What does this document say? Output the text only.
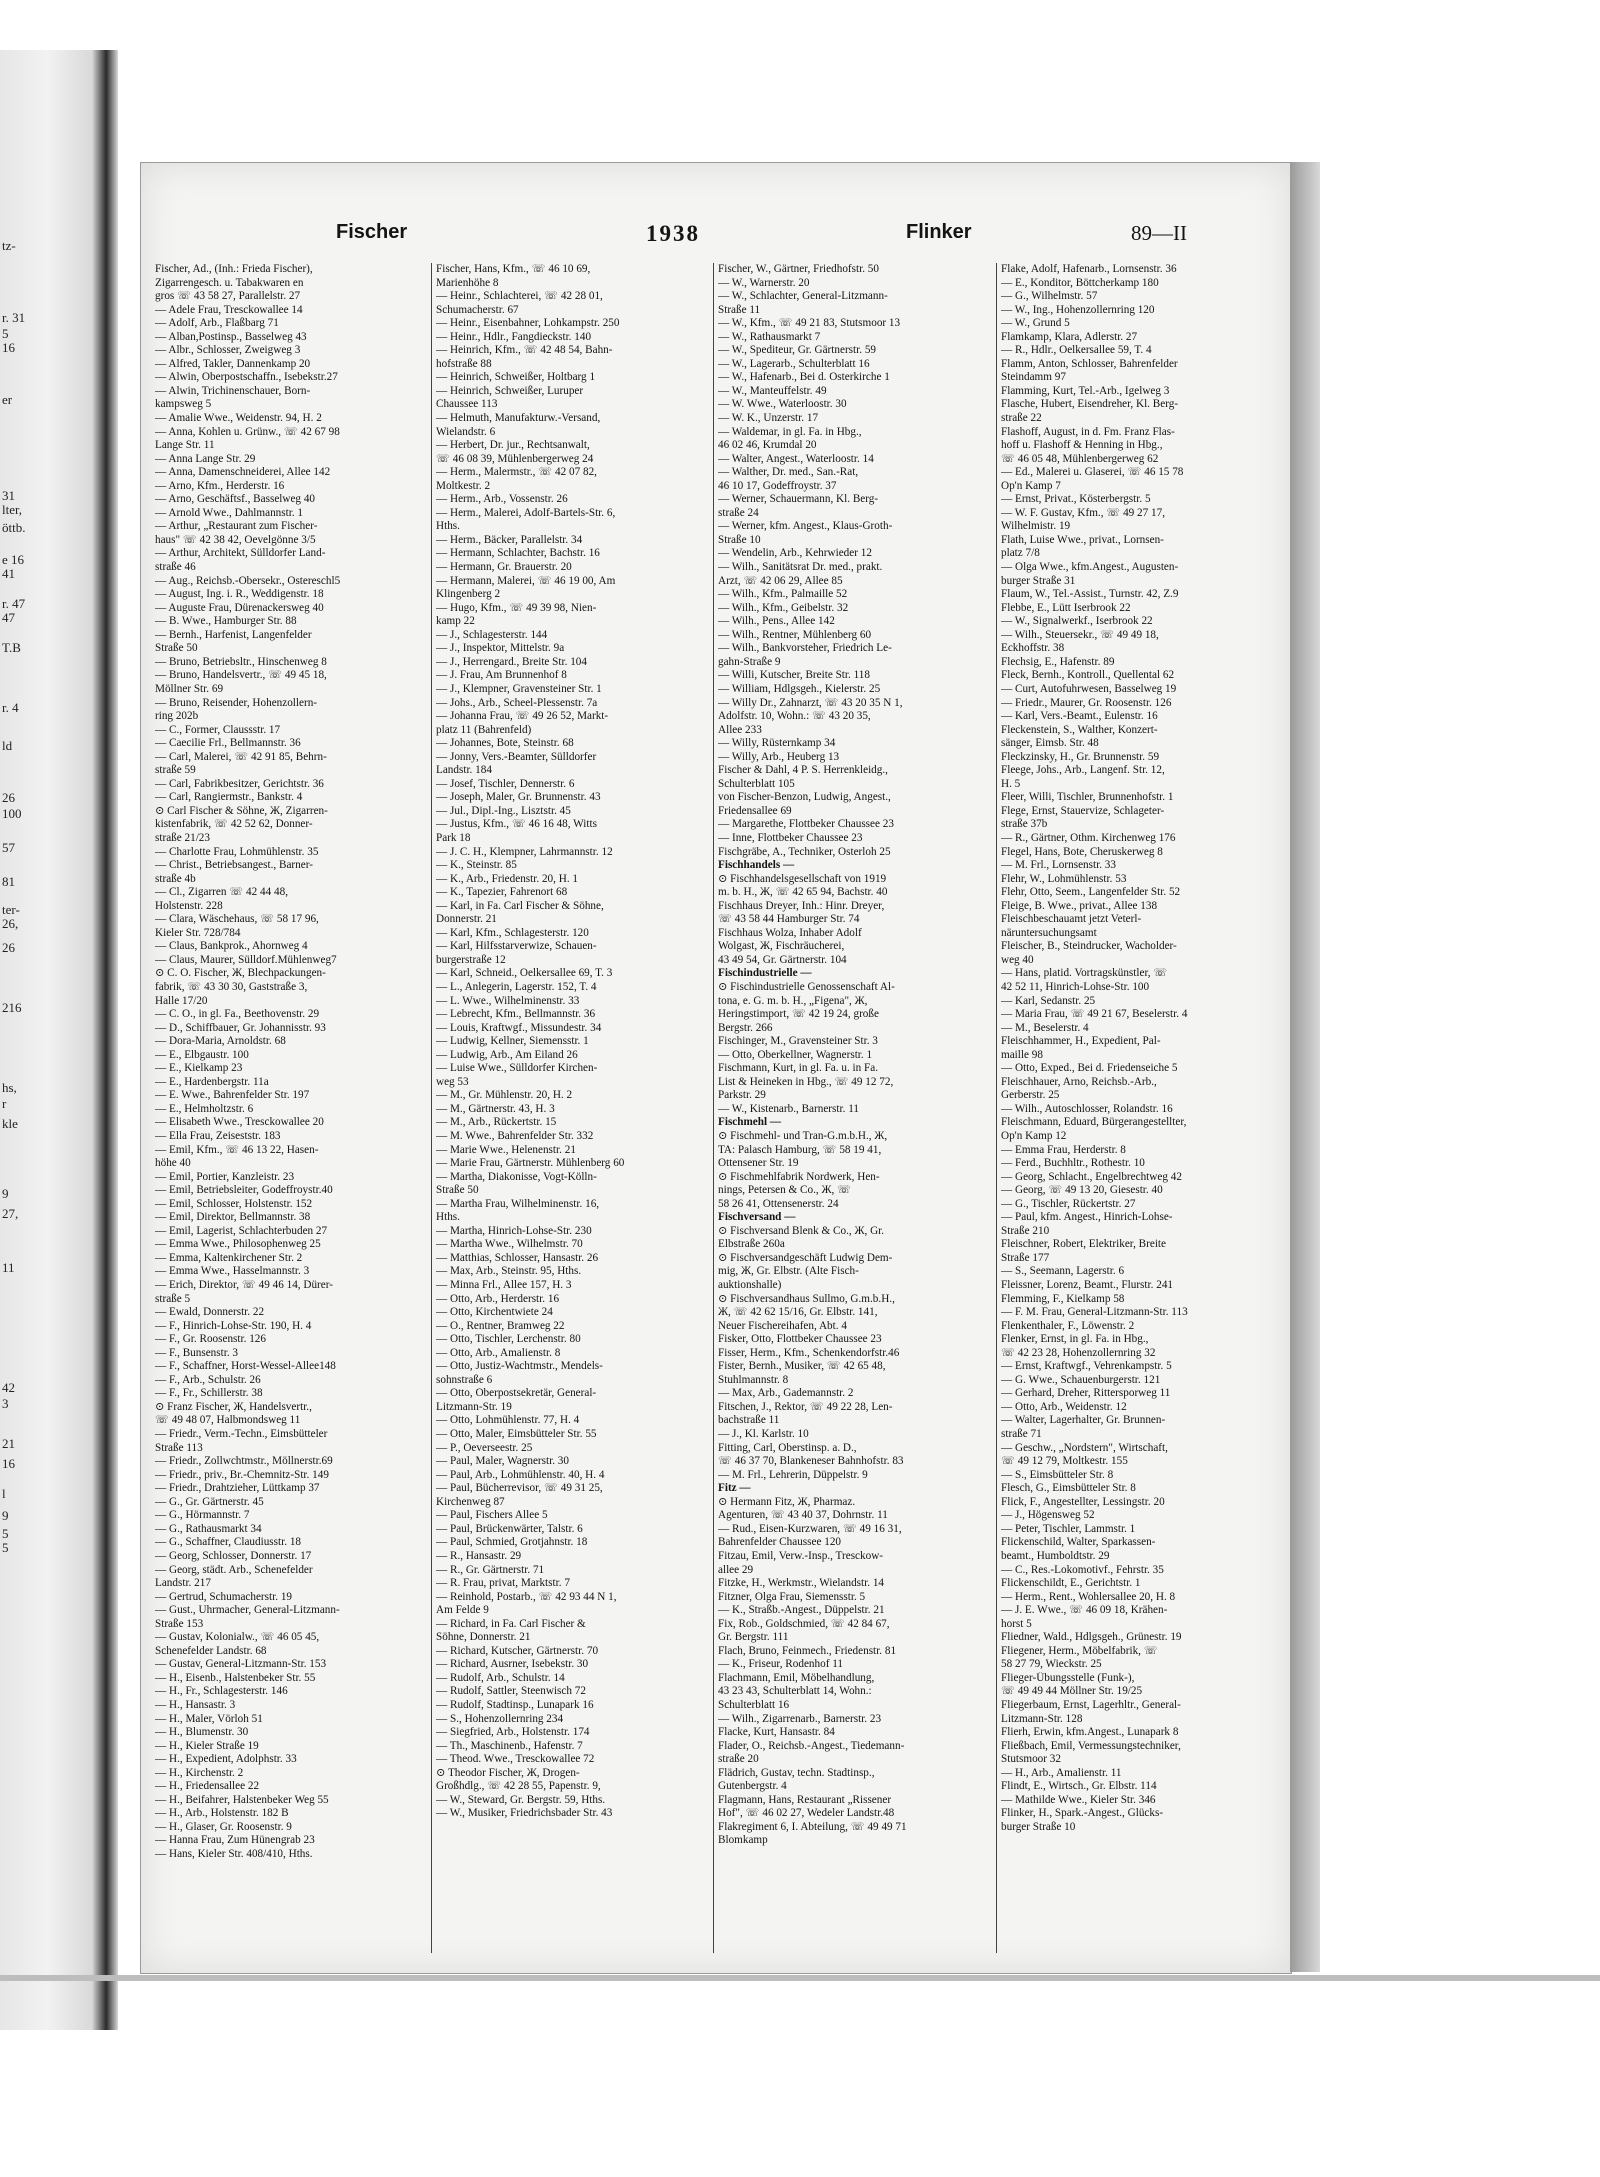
tz-
r. 31
5
16
er
31
lter,
öttb.
e 16
41
r. 47
47
T.B
r. 4
ld
26
100
57
81
ter-
26,
26
216
hs,
r
kle
9
27,
11
42
3
21
16
l
9
5
5
Fischer	1938	Flinker	89—II
Fischer, Ad., (Inh.: Frieda Fischer),
Zigarrengesch. u. Tabakwaren en
gros ☏ 43 58 27, Parallelstr. 27
— Adele Frau, Tresckowallee 14
— Adolf, Arb., Flaßbarg 71
— Alban,Postinsp., Basselweg 43
— Albr., Schlosser, Zweigweg 3
— Alfred, Takler, Dannenkamp 20
— Alwin, Oberpostschaffn., Isebekstr.27
— Alwin, Trichinenschauer, Born-
kampsweg 5
— Amalie Wwe., Weidenstr. 94, H. 2
— Anna, Kohlen u. Grünw., ☏ 42 67 98
Lange Str. 11
— Anna Lange Str. 29
— Anna, Damenschneiderei, Allee 142
— Arno, Kfm., Herderstr. 16
— Arno, Geschäftsf., Basselweg 40
— Arnold Wwe., Dahlmannstr. 1
— Arthur, „Restaurant zum Fischer-
haus" ☏ 42 38 42, Oevelgönne 3/5
— Arthur, Architekt, Sülldorfer Land-
straße 46
— Aug., Reichsb.-Obersekr., Ostereschl5
— August, Ing. i. R., Weddigenstr. 18
— Auguste Frau, Dürenackersweg 40
— B. Wwe., Hamburger Str. 88
— Bernh., Harfenist, Langenfelder
Straße 50
— Bruno, Betriebsltr., Hinschenweg 8
— Bruno, Handelsvertr., ☏ 49 45 18,
Möllner Str. 69
— Bruno, Reisender, Hohenzollern-
ring 202b
— C., Former, Claussstr. 17
— Caecilie Frl., Bellmannstr. 36
— Carl, Malerei, ☏ 42 91 85, Behrn-
straße 59
— Carl, Fabrikbesitzer, Gerichtstr. 36
— Carl, Rangiermstr., Bankstr. 4
⊙ Carl Fischer & Söhne, Ж, Zigarren-
kistenfabrik, ☏ 42 52 62, Donner-
straße 21/23
— Charlotte Frau, Lohmühlenstr. 35
— Christ., Betriebsangest., Barner-
straße 4b
— Cl., Zigarren ☏ 42 44 48,
Holstenstr. 228
— Clara, Wäschehaus, ☏ 58 17 96,
Kieler Str. 728/784
— Claus, Bankprok., Ahornweg 4
— Claus, Maurer, Sülldorf.Mühlenweg7
⊙ C. O. Fischer, Ж, Blechpackungen-
fabrik, ☏ 43 30 30, Gaststraße 3,
Halle 17/20
— C. O., in gl. Fa., Beethovenstr. 29
— D., Schiffbauer, Gr. Johannisstr. 93
— Dora-Maria, Arnoldstr. 68
— E., Elbgaustr. 100
— E., Kielkamp 23
— E., Hardenbergstr. 11a
— E. Wwe., Bahrenfelder Str. 197
— E., Helmholtzstr. 6
— Elisabeth Wwe., Tresckowallee 20
— Ella Frau, Zeiseststr. 183
— Emil, Kfm., ☏ 46 13 22, Hasen-
höhe 40
— Emil, Portier, Kanzleistr. 23
— Emil, Betriebsleiter, Godeffroystr.40
— Emil, Schlosser, Holstenstr. 152
— Emil, Direktor, Bellmannstr. 38
— Emil, Lagerist, Schlachterbuden 27
— Emma Wwe., Philosophenweg 25
— Emma, Kaltenkirchener Str. 2
— Emma Wwe., Hasselmannstr. 3
— Erich, Direktor, ☏ 49 46 14, Dürer-
straße 5
— Ewald, Donnerstr. 22
— F., Hinrich-Lohse-Str. 190, H. 4
— F., Gr. Roosenstr. 126
— F., Bunsenstr. 3
— F., Schaffner, Horst-Wessel-Allee148
— F., Arb., Schulstr. 26
— F., Fr., Schillerstr. 38
⊙ Franz Fischer, Ж, Handelsvertr.,
☏ 49 48 07, Halbmondsweg 11
— Friedr., Verm.-Techn., Eimsbütteler
Straße 113
— Friedr., Zollwchtmstr., Möllnerstr.69
— Friedr., priv., Br.-Chemnitz-Str. 149
— Friedr., Drahtzieher, Lüttkamp 37
— G., Gr. Gärtnerstr. 45
— G., Hörmannstr. 7
— G., Rathausmarkt 34
— G., Schaffner, Claudiusstr. 18
— Georg, Schlosser, Donnerstr. 17
— Georg, städt. Arb., Schenefelder
Landstr. 217
— Gertrud, Schumacherstr. 19
— Gust., Uhrmacher, General-Litzmann-
Straße 153
— Gustav, Kolonialw., ☏ 46 05 45,
Schenefelder Landstr. 68
— Gustav, General-Litzmann-Str. 153
— H., Eisenb., Halstenbeker Str. 55
— H., Fr., Schlagesterstr. 146
— H., Hansastr. 3
— H., Maler, Vörloh 51
— H., Blumenstr. 30
— H., Kieler Straße 19
— H., Expedient, Adolphstr. 33
— H., Kirchenstr. 2
— H., Friedensallee 22
— H., Beifahrer, Halstenbeker Weg 55
— H., Arb., Holstenstr. 182 B
— H., Glaser, Gr. Roosenstr. 9
— Hanna Frau, Zum Hünengrab 23
— Hans, Kieler Str. 408/410, Hths.
Fischer, Hans, Kfm., ☏ 46 10 69,
Marienhöhe 8
— Heinr., Schlachterei, ☏ 42 28 01,
Schumacherstr. 67
— Heinr., Eisenbahner, Lohkampstr. 250
— Heinr., Hdlr., Fangdieckstr. 140
— Heinrich, Kfm., ☏ 42 48 54, Bahn-
hofstraße 88
— Heinrich, Schweißer, Holtbarg 1
— Heinrich, Schweißer, Luruper
Chaussee 113
— Helmuth, Manufakturw.-Versand,
Wielandstr. 6
— Herbert, Dr. jur., Rechtsanwalt,
☏ 46 08 39, Mühlenbergerweg 24
— Herm., Malermstr., ☏ 42 07 82,
Moltkestr. 2
— Herm., Arb., Vossenstr. 26
— Herm., Malerei, Adolf-Bartels-Str. 6,
Hths.
— Herm., Bäcker, Parallelstr. 34
— Hermann, Schlachter, Bachstr. 16
— Hermann, Gr. Brauerstr. 20
— Hermann, Malerei, ☏ 46 19 00, Am
Klingenberg 2
— Hugo, Kfm., ☏ 49 39 98, Nien-
kamp 22
— J., Schlagesterstr. 144
— J., Inspektor, Mittelstr. 9a
— J., Herrengard., Breite Str. 104
— J. Frau, Am Brunnenhof 8
— J., Klempner, Gravensteiner Str. 1
— Johs., Arb., Scheel-Plessenstr. 7a
— Johanna Frau, ☏ 49 26 52, Markt-
platz 11 (Bahrenfeld)
— Johannes, Bote, Steinstr. 68
— Jonny, Vers.-Beamter, Sülldorfer
Landstr. 184
— Josef, Tischler, Dennerstr. 6
— Joseph, Maler, Gr. Brunnenstr. 43
— Jul., Dipl.-Ing., Lisztstr. 45
— Justus, Kfm., ☏ 46 16 48, Witts
Park 18
— J. C. H., Klempner, Lahrmannstr. 12
— K., Steinstr. 85
— K., Arb., Friedenstr. 20, H. 1
— K., Tapezier, Fahrenort 68
— Karl, in Fa. Carl Fischer & Söhne,
Donnerstr. 21
— Karl, Kfm., Schlagesterstr. 120
— Karl, Hilfsstarverwize, Schauen-
burgerstraße 12
— Karl, Schneid., Oelkersallee 69, T. 3
— L., Anlegerin, Lagerstr. 152, T. 4
— L. Wwe., Wilhelminenstr. 33
— Lebrecht, Kfm., Bellmannstr. 36
— Louis, Kraftwgf., Missundestr. 34
— Ludwig, Kellner, Siemensstr. 1
— Ludwig, Arb., Am Eiland 26
— Luise Wwe., Sülldorfer Kirchen-
weg 53
— M., Gr. Mühlenstr. 20, H. 2
— M., Gärtnerstr. 43, H. 3
— M., Arb., Rückertstr. 15
— M. Wwe., Bahrenfelder Str. 332
— Marie Wwe., Helenenstr. 21
— Marie Frau, Gärtnerstr. Mühlenberg 60
— Martha, Diakonisse, Vogt-Kölln-
Straße 50
— Martha Frau, Wilhelminenstr. 16,
Hths.
— Martha, Hinrich-Lohse-Str. 230
— Martha Wwe., Wilhelmstr. 70
— Matthias, Schlosser, Hansastr. 26
— Max, Arb., Steinstr. 95, Hths.
— Minna Frl., Allee 157, H. 3
— Otto, Arb., Herderstr. 16
— Otto, Kirchentwiete 24
— O., Rentner, Bramweg 22
— Otto, Tischler, Lerchenstr. 80
— Otto, Arb., Amalienstr. 8
— Otto, Justiz-Wachtmstr., Mendels-
sohnstraße 6
— Otto, Oberpostsekretär, General-
Litzmann-Str. 19
— Otto, Lohmühlenstr. 77, H. 4
— Otto, Maler, Eimsbütteler Str. 55
— P., Oeverseestr. 25
— Paul, Maler, Wagnerstr. 30
— Paul, Arb., Lohmühlenstr. 40, H. 4
— Paul, Bücherrevisor, ☏ 49 31 25,
Kirchenweg 87
— Paul, Fischers Allee 5
— Paul, Brückenwärter, Talstr. 6
— Paul, Schmied, Grotjahnstr. 18
— R., Hansastr. 29
— R., Gr. Gärtnerstr. 71
— R. Frau, privat, Marktstr. 7
— Reinhold, Postarb., ☏ 42 93 44 N 1,
Am Felde 9
— Richard, in Fa. Carl Fischer &
Söhne, Donnerstr. 21
— Richard, Kutscher, Gärtnerstr. 70
— Richard, Ausrner, Isebekstr. 30
— Rudolf, Arb., Schulstr. 14
— Rudolf, Sattler, Steenwisch 72
— Rudolf, Stadtinsp., Lunapark 16
— S., Hohenzollernring 234
— Siegfried, Arb., Holstenstr. 174
— Th., Maschinenb., Hafenstr. 7
— Theod. Wwe., Tresckowallee 72
⊙ Theodor Fischer, Ж, Drogen-
Großhdlg., ☏ 42 28 55, Papenstr. 9,
— W., Steward, Gr. Bergstr. 59, Hths.
— W., Musiker, Friedrichsbader Str. 43
Fischer, W., Gärtner, Friedhofstr. 50
— W., Warnerstr. 20
— W., Schlachter, General-Litzmann-
Straße 11
— W., Kfm., ☏ 49 21 83, Stutsmoor 13
— W., Rathausmarkt 7
— W., Spediteur, Gr. Gärtnerstr. 59
— W., Lagerarb., Schulterblatt 16
— W., Hafenarb., Bei d. Osterkirche 1
— W., Manteuffelstr. 49
— W. Wwe., Waterloostr. 30
— W. K., Unzerstr. 17
— Waldemar, in gl. Fa. in Hbg.,
46 02 46, Krumdal 20
— Walter, Angest., Waterloostr. 14
— Walther, Dr. med., San.-Rat,
46 10 17, Godeffroystr. 37
— Werner, Schauermann, Kl. Berg-
straße 24
— Werner, kfm. Angest., Klaus-Groth-
Straße 10
— Wendelin, Arb., Kehrwieder 12
— Wilh., Sanitätsrat Dr. med., prakt.
Arzt, ☏ 42 06 29, Allee 85
— Wilh., Kfm., Palmaille 52
— Wilh., Kfm., Geibelstr. 32
— Wilh., Pens., Allee 142
— Wilh., Rentner, Mühlenberg 60
— Wilh., Bankvorsteher, Friedrich Le-
gahn-Straße 9
— Willi, Kutscher, Breite Str. 118
— William, Hdlgsgeh., Kielerstr. 25
— Willy Dr., Zahnarzt, ☏ 43 20 35 N 1,
Adolfstr. 10, Wohn.: ☏ 43 20 35,
Allee 233
— Willy, Rüsternkamp 34
— Willy, Arb., Heuberg 13
Fischer & Dahl, 4 P. S. Herrenkleidg.,
Schulterblatt 105
von Fischer-Benzon, Ludwig, Angest.,
Friedensallee 69
— Margarethe, Flottbeker Chaussee 23
— Inne, Flottbeker Chaussee 23
Fischgräbe, A., Techniker, Osterloh 25
Fischhandels —
⊙ Fischhandelsgesellschaft von 1919
m. b. H., Ж, ☏ 42 65 94, Bachstr. 40
Fischhaus Dreyer, Inh.: Hinr. Dreyer,
☏ 43 58 44 Hamburger Str. 74
Fischhaus Wolza, Inhaber Adolf
Wolgast, Ж, Fischräucherei,
43 49 54, Gr. Gärtnerstr. 104
Fischindustrielle —
⊙ Fischindustrielle Genossenschaft Al-
tona, e. G. m. b. H., „Figena", Ж,
Heringstimport, ☏ 42 19 24, große
Bergstr. 266
Fischinger, M., Gravensteiner Str. 3
— Otto, Oberkellner, Wagnerstr. 1
Fischmann, Kurt, in gl. Fa. u. in Fa.
List & Heineken in Hbg., ☏ 49 12 72,
Parkstr. 29
— W., Kistenarb., Barnerstr. 11
Fischmehl —
⊙ Fischmehl- und Tran-G.m.b.H., Ж,
TA: Palasch Hamburg, ☏ 58 19 41,
Ottensener Str. 19
⊙ Fischmehlfabrik Nordwerk, Hen-
nings, Petersen & Co., Ж, ☏
58 26 41, Ottensenerstr. 24
Fischversand —
⊙ Fischversand Blenk & Co., Ж, Gr.
Elbstraße 260a
⊙ Fischversandgeschäft Ludwig Dem-
mig, Ж, Gr. Elbstr. (Alte Fisch-
auktionshalle)
⊙ Fischversandhaus Sullmo, G.m.b.H.,
Ж, ☏ 42 62 15/16, Gr. Elbstr. 141,
Neuer Fischereihafen, Abt. 4
Fisker, Otto, Flottbeker Chaussee 23
Fisser, Herm., Kfm., Schenkendorfstr.46
Fister, Bernh., Musiker, ☏ 42 65 48,
Stuhlmannstr. 8
— Max, Arb., Gademannstr. 2
Fitschen, J., Rektor, ☏ 49 22 28, Len-
bachstraße 11
— J., Kl. Karlstr. 10
Fitting, Carl, Oberstinsp. a. D.,
☏ 46 37 70, Blankeneser Bahnhofstr. 83
— M. Frl., Lehrerin, Düppelstr. 9
Fitz —
⊙ Hermann Fitz, Ж, Pharmaz.
Agenturen, ☏ 43 40 37, Dohrnstr. 11
— Rud., Eisen-Kurzwaren, ☏ 49 16 31,
Bahrenfelder Chaussee 120
Fitzau, Emil, Verw.-Insp., Tresckow-
allee 29
Fitzke, H., Werkmstr., Wielandstr. 14
Fitzner, Olga Frau, Siemensstr. 5
— K., Straßb.-Angest., Düppelstr. 21
Fix, Rob., Goldschmied, ☏ 42 84 67,
Gr. Bergstr. 111
Flach, Bruno, Feinmech., Friedenstr. 81
— K., Friseur, Rodenhof 11
Flachmann, Emil, Möbelhandlung,
43 23 43, Schulterblatt 14, Wohn.:
Schulterblatt 16
— Wilh., Zigarrenarb., Barnerstr. 23
Flacke, Kurt, Hansastr. 84
Flader, O., Reichsb.-Angest., Tiedemann-
straße 20
Flädrich, Gustav, techn. Stadtinsp.,
Gutenbergstr. 4
Flagmann, Hans, Restaurant „Rissener
Hof", ☏ 46 02 27, Wedeler Landstr.48
Flakregiment 6, I. Abteilung, ☏ 49 49 71
Blomkamp
Flake, Adolf, Hafenarb., Lornsenstr. 36
— E., Konditor, Böttcherkamp 180
— G., Wilhelmstr. 57
— W., Ing., Hohenzollernring 120
— W., Grund 5
Flamkamp, Klara, Adlerstr. 27
— R., Hdlr., Oelkersallee 59, T. 4
Flamm, Anton, Schlosser, Bahrenfelder
Steindamm 97
Flamming, Kurt, Tel.-Arb., Igelweg 3
Flasche, Hubert, Eisendreher, Kl. Berg-
straße 22
Flashoff, August, in d. Fm. Franz Flas-
hoff u. Flashoff & Henning in Hbg.,
☏ 46 05 48, Mühlenbergerweg 62
— Ed., Malerei u. Glaserei, ☏ 46 15 78
Op'n Kamp 7
— Ernst, Privat., Kösterbergstr. 5
— W. F. Gustav, Kfm., ☏ 49 27 17,
Wilhelmistr. 19
Flath, Luise Wwe., privat., Lornsen-
platz 7/8
— Olga Wwe., kfm.Angest., Augusten-
burger Straße 31
Flaum, W., Tel.-Assist., Turnstr. 42, Z.9
Flebbe, E., Lütt Iserbrook 22
— W., Signalwerkf., Iserbrook 22
— Wilh., Steuersekr., ☏ 49 49 18,
Eckhoffstr. 38
Flechsig, E., Hafenstr. 89
Fleck, Bernh., Kontroll., Quellental 62
— Curt, Autofuhrwesen, Basselweg 19
— Friedr., Maurer, Gr. Roosenstr. 126
— Karl, Vers.-Beamt., Eulenstr. 16
Fleckenstein, S., Walther, Konzert-
sänger, Eimsb. Str. 48
Fleckzinsky, H., Gr. Brunnenstr. 59
Fleege, Johs., Arb., Langenf. Str. 12,
H. 5
Fleer, Willi, Tischler, Brunnenhofstr. 1
Flege, Ernst, Stauervize, Schlageter-
straße 37b
— R., Gärtner, Othm. Kirchenweg 176
Flegel, Hans, Bote, Cheruskerweg 8
— M. Frl., Lornsenstr. 33
Flehr, W., Lohmühlenstr. 53
Flehr, Otto, Seem., Langenfelder Str. 52
Fleige, B. Wwe., privat., Allee 138
Fleischbeschauamt jetzt Veterl-
näruntersuchungsamt
Fleischer, B., Steindrucker, Wacholder-
weg 40
— Hans, platid. Vortragskünstler, ☏
42 52 11, Hinrich-Lohse-Str. 100
— Karl, Sedanstr. 25
— Maria Frau, ☏ 49 21 67, Beselerstr. 4
— M., Beselerstr. 4
Fleischhammer, H., Expedient, Pal-
maille 98
— Otto, Exped., Bei d. Friedenseiche 5
Fleischhauer, Arno, Reichsb.-Arb.,
Gerberstr. 25
— Wilh., Autoschlosser, Rolandstr. 16
Fleischmann, Eduard, Bürgerangestellter,
Op'n Kamp 12
— Emma Frau, Herderstr. 8
— Ferd., Buchhltr., Rothestr. 10
— Georg, Schlacht., Engelbrechtweg 42
— Georg, ☏ 49 13 20, Giesestr. 40
— G., Tischler, Rückertstr. 27
— Paul, kfm. Angest., Hinrich-Lohse-
Straße 210
Fleischner, Robert, Elektriker, Breite
Straße 177
— S., Seemann, Lagerstr. 6
Fleissner, Lorenz, Beamt., Flurstr. 241
Flemming, F., Kielkamp 58
— F. M. Frau, General-Litzmann-Str. 113
Flenkenthaler, F., Löwenstr. 2
Flenker, Ernst, in gl. Fa. in Hbg.,
☏ 42 23 28, Hohenzollernring 32
— Ernst, Kraftwgf., Vehrenkampstr. 5
— G. Wwe., Schauenburgerstr. 121
— Gerhard, Dreher, Rittersporweg 11
— Otto, Arb., Weidenstr. 12
— Walter, Lagerhalter, Gr. Brunnen-
straße 71
— Geschw., „Nordstern", Wirtschaft,
☏ 49 12 79, Moltkestr. 155
— S., Eimsbütteler Str. 8
Flesch, G., Eimsbütteler Str. 8
Flick, F., Angestellter, Lessingstr. 20
— J., Högensweg 52
— Peter, Tischler, Lammstr. 1
Flickenschild, Walter, Sparkassen-
beamt., Humboldtstr. 29
— C., Res.-Lokomotivf., Fehrstr. 35
Flickenschildt, E., Gerichtstr. 1
— Herm., Rent., Wohlersallee 20, H. 8
— J. E. Wwe., ☏ 46 09 18, Krähen-
horst 5
Fliedner, Wald., Hdlgsgeh., Grünestr. 19
Fliegener, Herm., Möbelfabrik, ☏
58 27 79, Wieckstr. 25
Flieger-Übungsstelle (Funk-),
☏ 49 49 44 Möllner Str. 19/25
Fliegerbaum, Ernst, Lagerhltr., General-
Litzmann-Str. 128
Flierh, Erwin, kfm.Angest., Lunapark 8
Fließbach, Emil, Vermessungstechniker,
Stutsmoor 32
— H., Arb., Amalienstr. 11
Flindt, E., Wirtsch., Gr. Elbstr. 114
— Mathilde Wwe., Kieler Str. 346
Flinker, H., Spark.-Angest., Glücks-
burger Straße 10
